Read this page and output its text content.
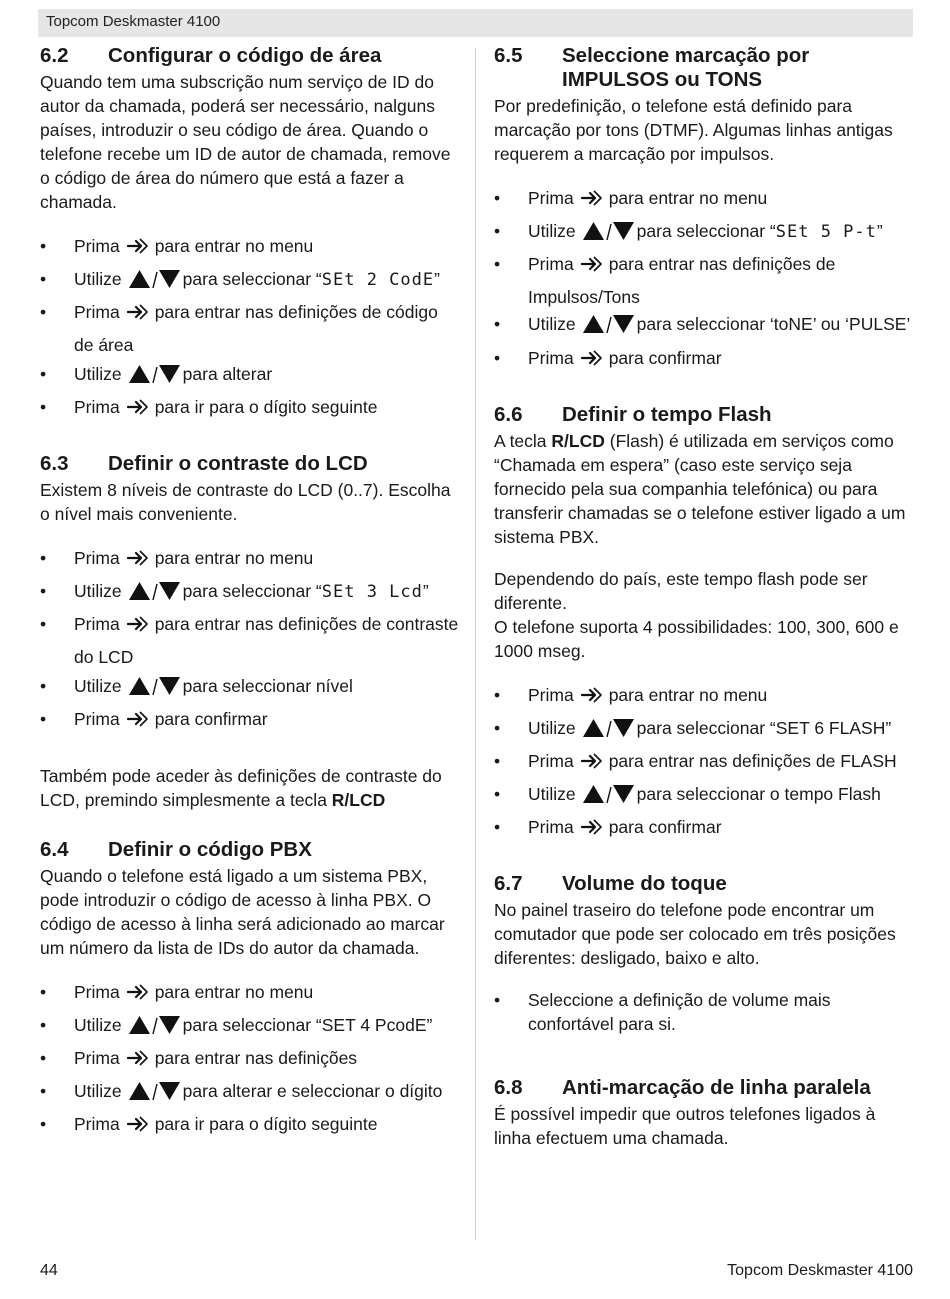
Topcom Deskmaster 4100
6.2	Configurar o código de área

Quando tem uma subscrição num serviço de ID do autor da chamada, poderá ser necessário, nalguns países, introduzir o seu código de área. Quando o telefone recebe um ID de autor de chamada, remove o código de área do número que está a fazer a chamada.

• Prima para entrar no menu
• Utilize	para seleccionar “SEt 2 CodE”
• Prima para entrar nas definições de código de área
• Utilize	para alterar
• Prima para ir para o dígito seguinte
6.3	Definir o contraste do LCD

Existem 8 níveis de contraste do LCD (0..7). Escolha o nível mais conveniente.

• Prima para entrar no menu
• Utilize	para seleccionar “SEt 3 Lcd”
• Prima para entrar nas definições de contraste do LCD
• Utilize	para seleccionar nível
• Prima para confirmar

Também pode aceder às definições de contraste do LCD, premindo simplesmente a tecla R/LCD

6.4	Definir o código PBX

Quando o telefone está ligado a um sistema PBX, pode introduzir o código de acesso à linha PBX. O código de acesso à linha será adicionado ao marcar um número da lista de IDs do autor da chamada.

• Prima para entrar no menu
• Utilize	para seleccionar “SET 4 PcodE”
• Prima para entrar nas definições
• Utilize	para alterar e seleccionar o dígito
• Prima para ir para o dígito seguinte
6.5	Seleccione marcação por IMPULSOS ou TONS

Por predefinição, o telefone está definido para marcação por tons (DTMF). Algumas linhas antigas requerem a marcação por impulsos.

• Prima para entrar no menu
• Utilize	para seleccionar “SEt 5 P-t”
• Prima para entrar nas definições de Impulsos/Tons
• Utilize	para seleccionar ‘toNE’ ou ‘PULSE’
• Prima para confirmar
6.6	Definir o tempo Flash

A tecla R/LCD (Flash) é utilizada em serviços como “Chamada em espera” (caso este serviço seja fornecido pela sua companhia telefónica) ou para transferir chamadas se o telefone estiver ligado a um sistema PBX.

Dependendo do país, este tempo flash pode ser diferente.
O telefone suporta 4 possibilidades: 100, 300, 600 e 1000 mseg.

• Prima para entrar no menu
• Utilize	para seleccionar “SET 6 FLASH”
• Prima para entrar nas definições de FLASH
• Utilize	para seleccionar o tempo Flash
• Prima para confirmar
6.7	Volume do toque

No painel traseiro do telefone pode encontrar um comutador que pode ser colocado em três posições diferentes: desligado, baixo e alto.

• Seleccione a definição de volume mais confortável para si.
6.8	Anti-marcação de linha paralela

É possível impedir que outros telefones ligados à linha efectuem uma chamada.

44	Topcom Deskmaster 4100
